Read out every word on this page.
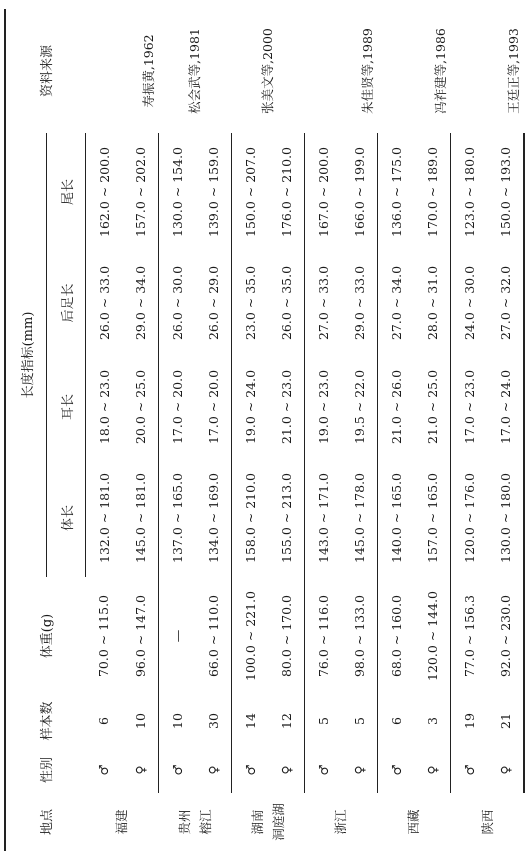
地点	性别	样本数	体重(g)	长度指标(mm)				资料来源
				体长	耳长	后足长	尾长	

福建	♂	6	70.0 ~ 115.0	132.0 ~ 181.0	18.0 ~ 23.0	26.0 ~ 33.0	162.0 ~ 200.0	寿振黄,1962
	♀	10	96.0 ~ 147.0	145.0 ~ 181.0	20.0 ~ 25.0	29.0 ~ 34.0	157.0 ~ 202.0	

贵州 榕江	♂	10	—	137.0 ~ 165.0	17.0 ~ 20.0	26.0 ~ 30.0	130.0 ~ 154.0	松会武等,1981
	♀	30	66.0 ~ 110.0	134.0 ~ 169.0	17.0 ~ 20.0	26.0 ~ 29.0	139.0 ~ 159.0	

湖南 洞庭湖	♂	14	100.0 ~ 221.0	158.0 ~ 210.0	19.0 ~ 24.0	23.0 ~ 35.0	150.0 ~ 207.0	张美文等,2000
	♀	12	80.0 ~ 170.0	155.0 ~ 213.0	21.0 ~ 23.0	26.0 ~ 35.0	176.0 ~ 210.0	

浙江	♂	5	76.0 ~ 116.0	143.0 ~ 171.0	19.0 ~ 23.0	27.0 ~ 33.0	167.0 ~ 200.0	朱佳贤等,1989
	♀	5	98.0 ~ 133.0	145.0 ~ 178.0	19.5 ~ 22.0	29.0 ~ 33.0	166.0 ~ 199.0	

西藏	♂	6	68.0 ~ 160.0	140.0 ~ 165.0	21.0 ~ 26.0	27.0 ~ 34.0	136.0 ~ 175.0	冯祚建等,1986
	♀	3	120.0 ~ 144.0	157.0 ~ 165.0	21.0 ~ 25.0	28.0 ~ 31.0	170.0 ~ 189.0	

陕西	♂	19	77.0 ~ 156.3	120.0 ~ 176.0	17.0 ~ 23.0	24.0 ~ 30.0	123.0 ~ 180.0	王廷正等,1993
	♀	21	92.0 ~ 230.0	130.0 ~ 180.0	17.0 ~ 24.0	27.0 ~ 32.0	150.0 ~ 193.0	
